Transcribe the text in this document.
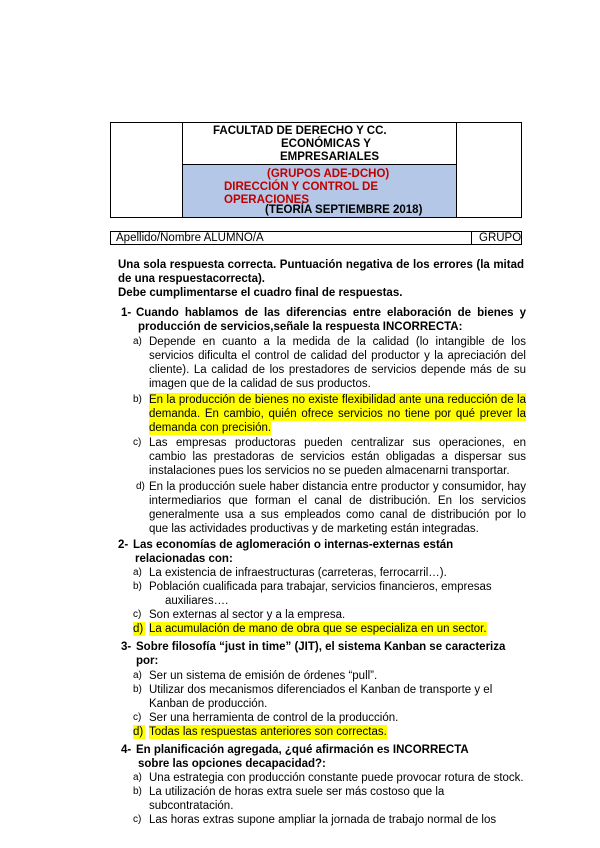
FACULTAD DE DERECHO Y CC.
ECONÓMICAS Y
EMPRESARIALES
(GRUPOS ADE-DCHO)
DIRECCIÓN Y CONTROL DE
OPERACIONES
(TEORÍA SEPTIEMBRE 2018)
Apellido/Nombre ALUMNO/A	GRUPO
Una sola respuesta correcta. Puntuación negativa de los errores (la mitad
de una respuestacorrecta).
Debe cumplimentarse el cuadro final de respuestas.
1- Cuando hablamos de las diferencias entre elaboración de bienes y
producción de servicios,señale la respuesta INCORRECTA:
a) Depende en cuanto a la medida de la calidad (lo intangible de los
servicios dificulta el control de calidad del productor y la apreciación del
cliente). La calidad de los prestadores de servicios depende más de su
imagen que de la calidad de sus productos.
b) En la producción de bienes no existe flexibilidad ante una reducción de la
demanda. En cambio, quién ofrece servicios no tiene por qué prever la
demanda con precisión.
c) Las empresas productoras pueden centralizar sus operaciones, en
cambio las prestadoras de servicios están obligadas a dispersar sus
instalaciones pues los servicios no se pueden almacenarni transportar.
d) En la producción suele haber distancia entre productor y consumidor, hay
intermediarios que forman el canal de distribución. En los servicios
generalmente usa a sus empleados como canal de distribución por lo
que las actividades productivas y de marketing están integradas.
2- Las economías de aglomeración o internas-externas están
relacionadas con:
a) La existencia de infraestructuras (carreteras, ferrocarril…).
b) Población cualificada para trabajar, servicios financieros, empresas
auxiliares….
c) Son externas al sector y a la empresa.
d) La acumulación de mano de obra que se especializa en un sector.
3- Sobre filosofía “just in time” (JIT), el sistema Kanban se caracteriza
por:
a) Ser un sistema de emisión de órdenes “pull”.
b) Utilizar dos mecanismos diferenciados el Kanban de transporte y el
Kanban de producción.
c) Ser una herramienta de control de la producción.
d) Todas las respuestas anteriores son correctas.
4- En planificación agregada, ¿qué afirmación es INCORRECTA
sobre las opciones decapacidad?:
a) Una estrategia con producción constante puede provocar rotura de stock.
b) La utilización de horas extra suele ser más costoso que la
subcontratación.
c) Las horas extras supone ampliar la jornada de trabajo normal de los
